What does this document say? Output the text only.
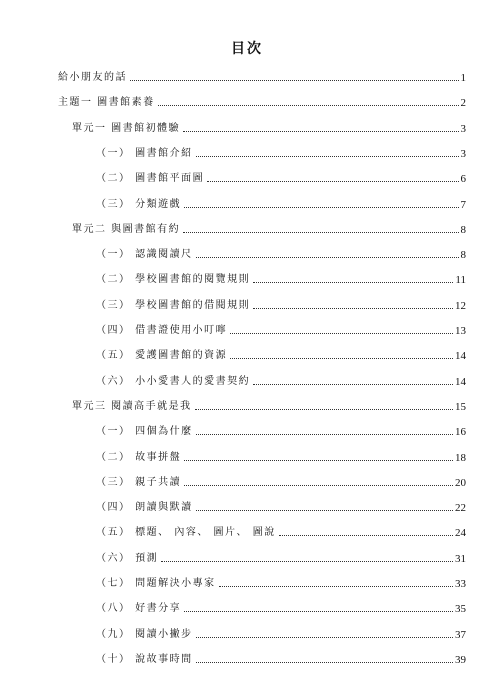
目次
給小朋友的話	1
主題一 圖書館素養	2
單元一 圖書館初體驗	3
（一） 圖書館介紹	3
（二） 圖書館平面圖	6
（三） 分類遊戲	7
單元二 與圖書館有約	8
（一） 認識閱讀尺	8
（二） 學校圖書館的閱覽規則	11
（三） 學校圖書館的借閱規則	12
（四） 借書證使用小叮嚀	13
（五） 愛護圖書館的資源	14
（六） 小小愛書人的愛書契約	14
單元三 閱讀高手就是我	15
（一） 四個為什麼	16
（二） 故事拼盤	18
（三） 親子共讀	20
（四） 朗讀與默讀	22
（五） 標題、 內容、 圖片、 圖說	24
（六） 預測	31
（七） 問題解決小專家	33
（八） 好書分享	35
（九） 閱讀小撇步	37
（十） 說故事時間	39
